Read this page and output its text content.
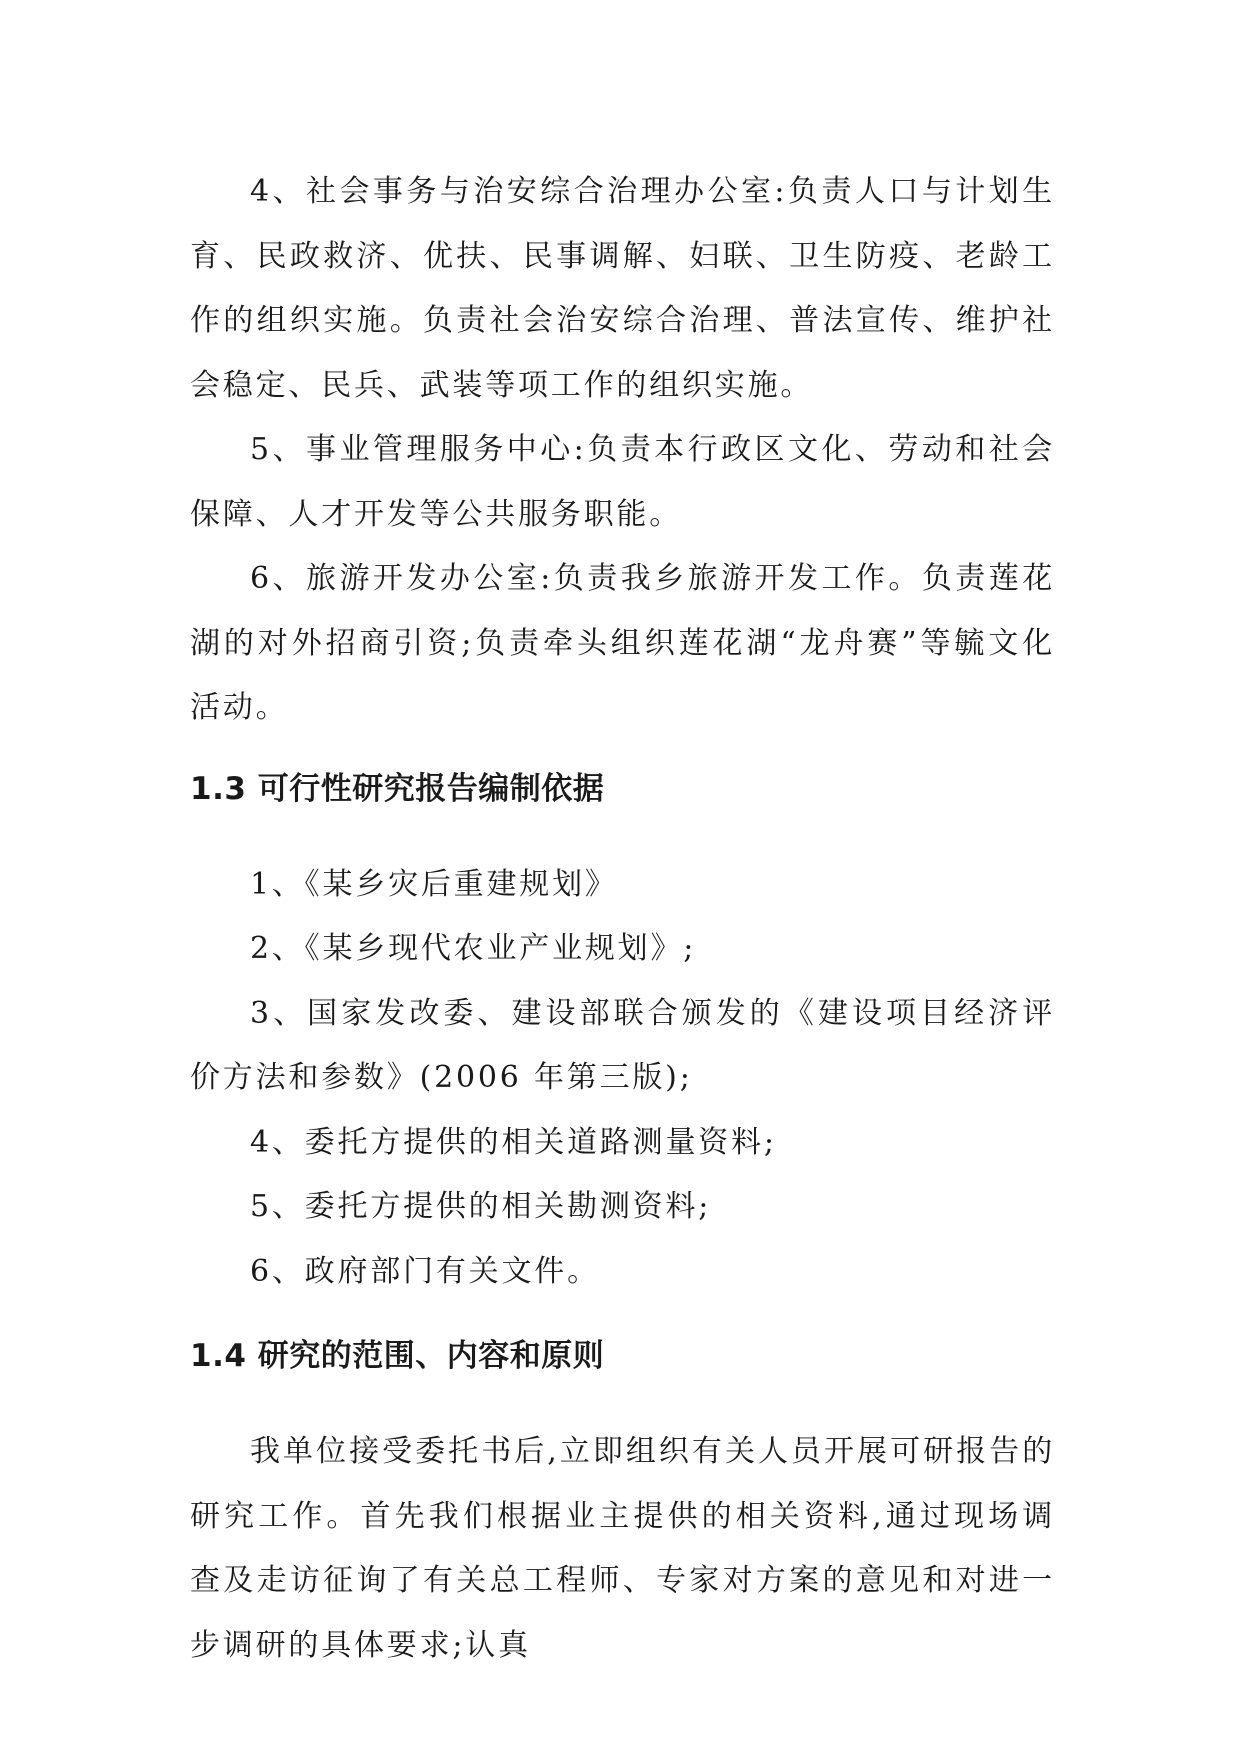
4、社会事务与治安综合治理办公室:负责人口与计划生育、民政救济、优扶、民事调解、妇联、卫生防疫、老龄工作的组织实施。负责社会治安综合治理、普法宣传、维护社会稳定、民兵、武装等项工作的组织实施。

5、事业管理服务中心:负责本行政区文化、劳动和社会保障、人才开发等公共服务职能。

6、旅游开发办公室:负责我乡旅游开发工作。负责莲花湖的对外招商引资;负责牵头组织莲花湖“龙舟赛”等毓文化活动。

1.3 可行性研究报告编制依据

1、《某乡灾后重建规划》

2、《某乡现代农业产业规划》;

3、国家发改委、建设部联合颁发的《建设项目经济评价方法和参数》(2006 年第三版);

4、委托方提供的相关道路测量资料;

5、委托方提供的相关勘测资料;

6、政府部门有关文件。

1.4 研究的范围、内容和原则

我单位接受委托书后,立即组织有关人员开展可研报告的研究工作。首先我们根据业主提供的相关资料,通过现场调查及走访征询了有关总工程师、专家对方案的意见和对进一步调研的具体要求;认真
